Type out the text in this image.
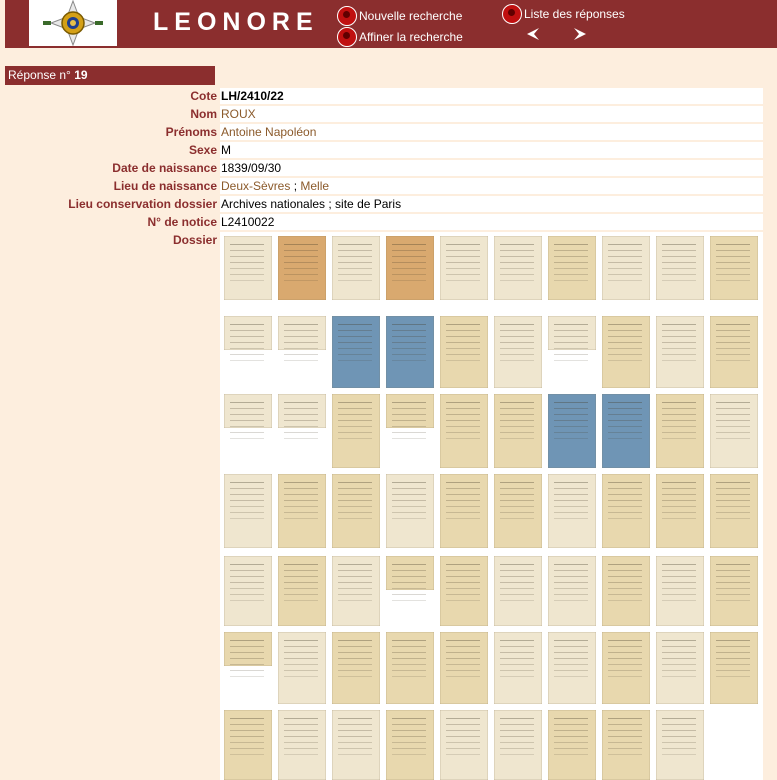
LEONORE	Nouvelle recherche
Affiner la recherche
Liste des réponses
Réponse n° 19
Cote LH/2410/22
Nom ROUX
Prénoms Antoine Napoléon
Sexe M
Date de naissance 1839/09/30
Lieu de naissance Deux-Sèvres ; Melle
Lieu conservation dossier Archives nationales ; site de Paris
N° de notice L2410022
Dossier
